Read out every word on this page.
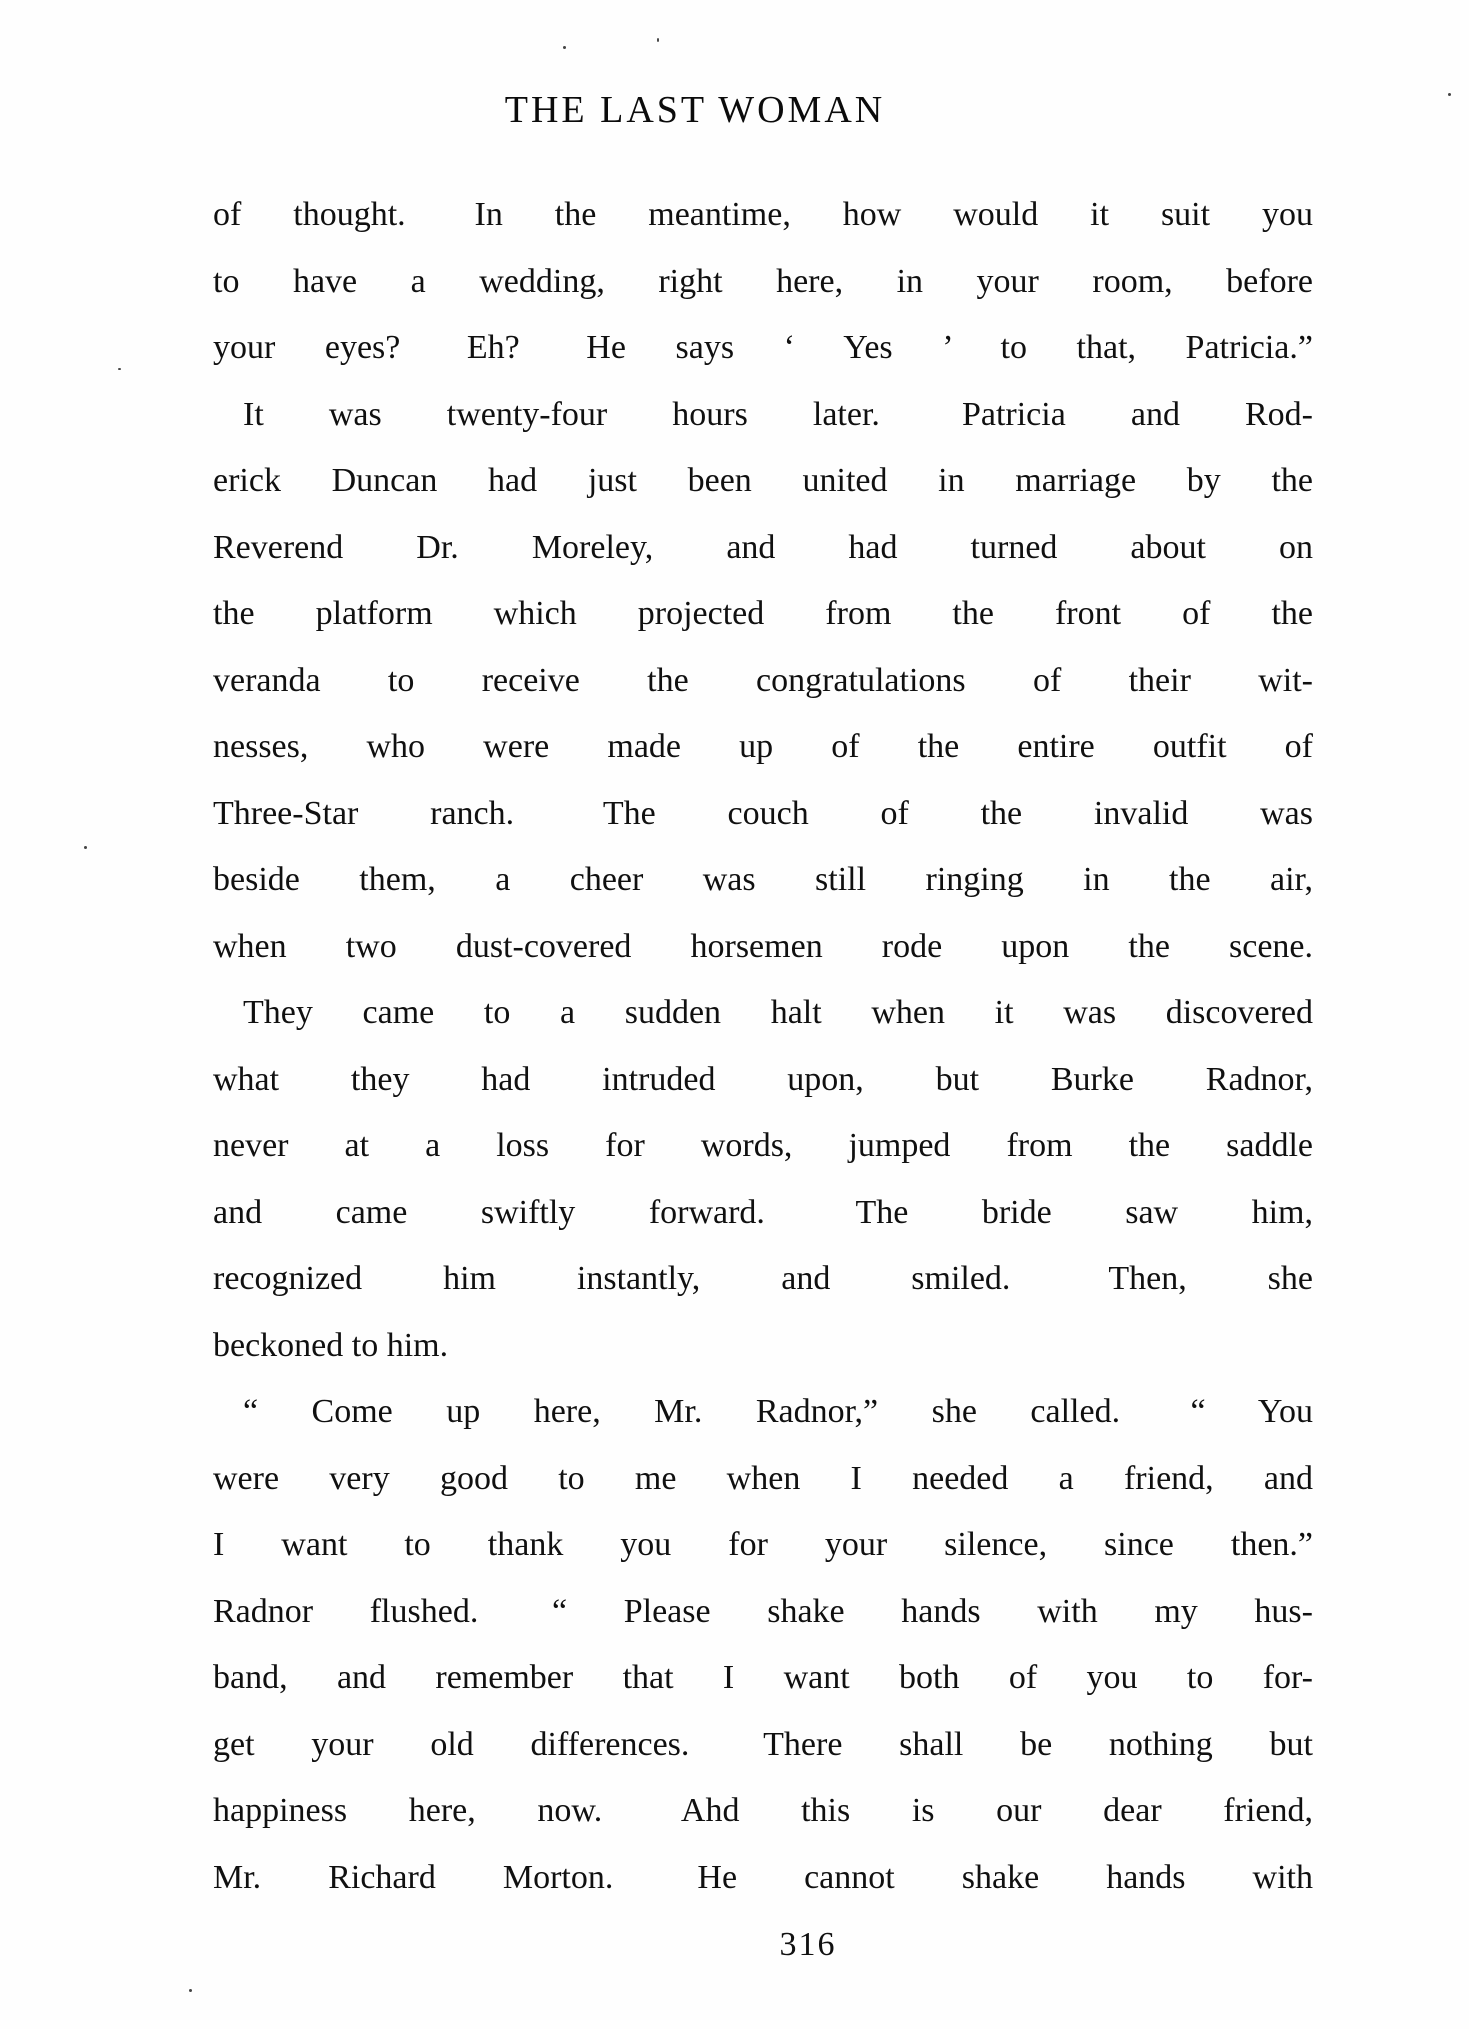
THE LAST WOMAN
of thought.  In the meantime, how would it suit you
to have a wedding, right here, in your room, before
your eyes?  Eh?  He says ‘ Yes ’ to that, Patricia.”
It was twenty-four hours later.  Patricia and Rod-
erick Duncan had just been united in marriage by the
Reverend Dr. Moreley, and had turned about on
the platform which projected from the front of the
veranda to receive the congratulations of their wit-
nesses, who were made up of the entire outfit of
Three-Star ranch.  The couch of the invalid was
beside them, a cheer was still ringing in the air,
when two dust-covered horsemen rode upon the scene.
They came to a sudden halt when it was discovered
what they had intruded upon, but Burke Radnor,
never at a loss for words, jumped from the saddle
and came swiftly forward.  The bride saw him,
recognized him instantly, and smiled.  Then, she
beckoned to him.
“ Come up here, Mr. Radnor,” she called.  “ You
were very good to me when I needed a friend, and
I want to thank you for your silence, since then.”
Radnor flushed.  “ Please shake hands with my hus-
band, and remember that I want both of you to for-
get your old differences.  There shall be nothing but
happiness here, now.  Ahd this is our dear friend,
Mr. Richard Morton.  He cannot shake hands with
316
